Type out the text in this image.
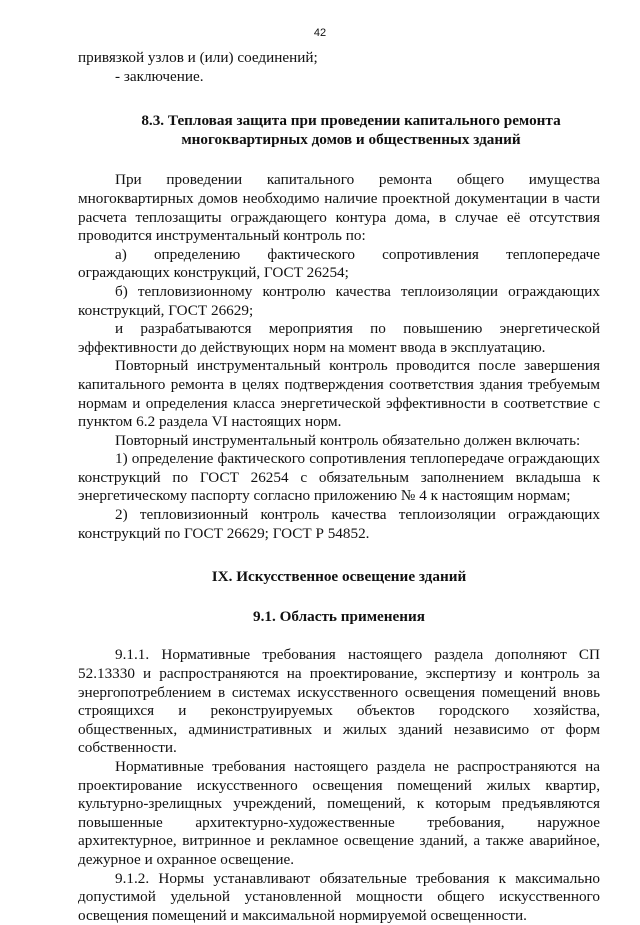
42

привязкой узлов и (или) соединений;

- заключение.

8.3. Тепловая защита при проведении капитального ремонта многоквартирных домов и общественных зданий

При проведении капитального ремонта общего имущества многоквартирных домов необходимо наличие проектной документации в части расчета теплозащиты ограждающего контура дома, в случае её отсутствия проводится инструментальный контроль по:

а) определению фактического сопротивления теплопередаче ограждающих конструкций, ГОСТ 26254;

б) тепловизионному контролю качества теплоизоляции ограждающих конструкций, ГОСТ 26629;

и разрабатываются мероприятия по повышению энергетической эффективности до действующих норм на момент ввода в эксплуатацию.

Повторный инструментальный контроль проводится после завершения капитального ремонта в целях подтверждения соответствия здания требуемым нормам и определения класса энергетической эффективности в соответствие с пунктом 6.2 раздела VI настоящих норм.

Повторный инструментальный контроль обязательно должен включать:

1) определение фактического сопротивления теплопередаче ограждающих конструкций по ГОСТ 26254 с обязательным заполнением вкладыша к энергетическому паспорту согласно приложению № 4 к настоящим нормам;

2) тепловизионный контроль качества теплоизоляции ограждающих конструкций по ГОСТ 26629; ГОСТ Р 54852.

IX. Искусственное освещение зданий

9.1. Область применения

9.1.1. Нормативные требования настоящего раздела дополняют СП 52.13330 и распространяются на проектирование, экспертизу и контроль за энергопотреблением в системах искусственного освещения помещений вновь строящихся и реконструируемых объектов городского хозяйства, общественных, административных и жилых зданий независимо от форм собственности.

Нормативные требования настоящего раздела не распространяются на проектирование искусственного освещения помещений жилых квартир, культурно-зрелищных учреждений, помещений, к которым предъявляются повышенные архитектурно-художественные требования, наружное архитектурное, витринное и рекламное освещение зданий, а также аварийное, дежурное и охранное освещение.

9.1.2. Нормы устанавливают обязательные требования к максимально допустимой удельной установленной мощности общего искусственного освещения помещений и максимальной нормируемой освещенности.
